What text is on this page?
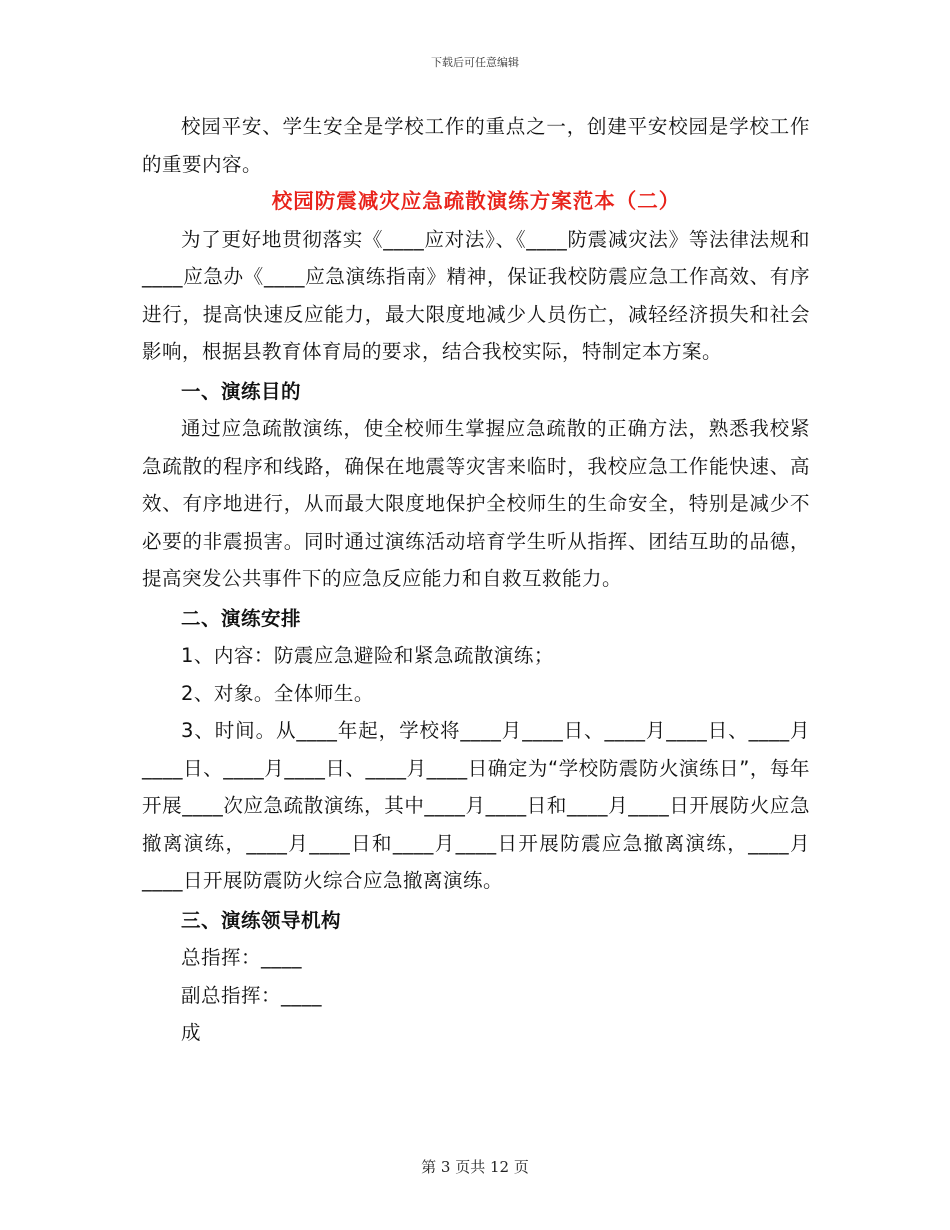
下载后可任意编辑

校园平安、学生安全是学校工作的重点之一，创建平安校园是学校工作的重要内容。

校园防震减灾应急疏散演练方案范本（二）

为了更好地贯彻落实《____应对法》、《____防震减灾法》等法律法规和____应急办《____应急演练指南》精神，保证我校防震应急工作高效、有序进行，提高快速反应能力，最大限度地减少人员伤亡，减轻经济损失和社会影响，根据县教育体育局的要求，结合我校实际，特制定本方案。

一、演练目的

通过应急疏散演练，使全校师生掌握应急疏散的正确方法，熟悉我校紧急疏散的程序和线路，确保在地震等灾害来临时，我校应急工作能快速、高效、有序地进行，从而最大限度地保护全校师生的生命安全，特别是减少不必要的非震损害。同时通过演练活动培育学生听从指挥、团结互助的品德，提高突发公共事件下的应急反应能力和自救互救能力。

二、演练安排

1、内容：防震应急避险和紧急疏散演练；

2、对象。全体师生。

3、时间。从____年起，学校将____月____日、____月____日、____月____日、____月____日、____月____日确定为“学校防震防火演练日”，每年开展____次应急疏散演练，其中____月____日和____月____日开展防火应急撤离演练，____月____日和____月____日开展防震应急撤离演练，____月____日开展防震防火综合应急撤离演练。

三、演练领导机构

总指挥：____

副总指挥：____

成

第 3 页共 12 页
